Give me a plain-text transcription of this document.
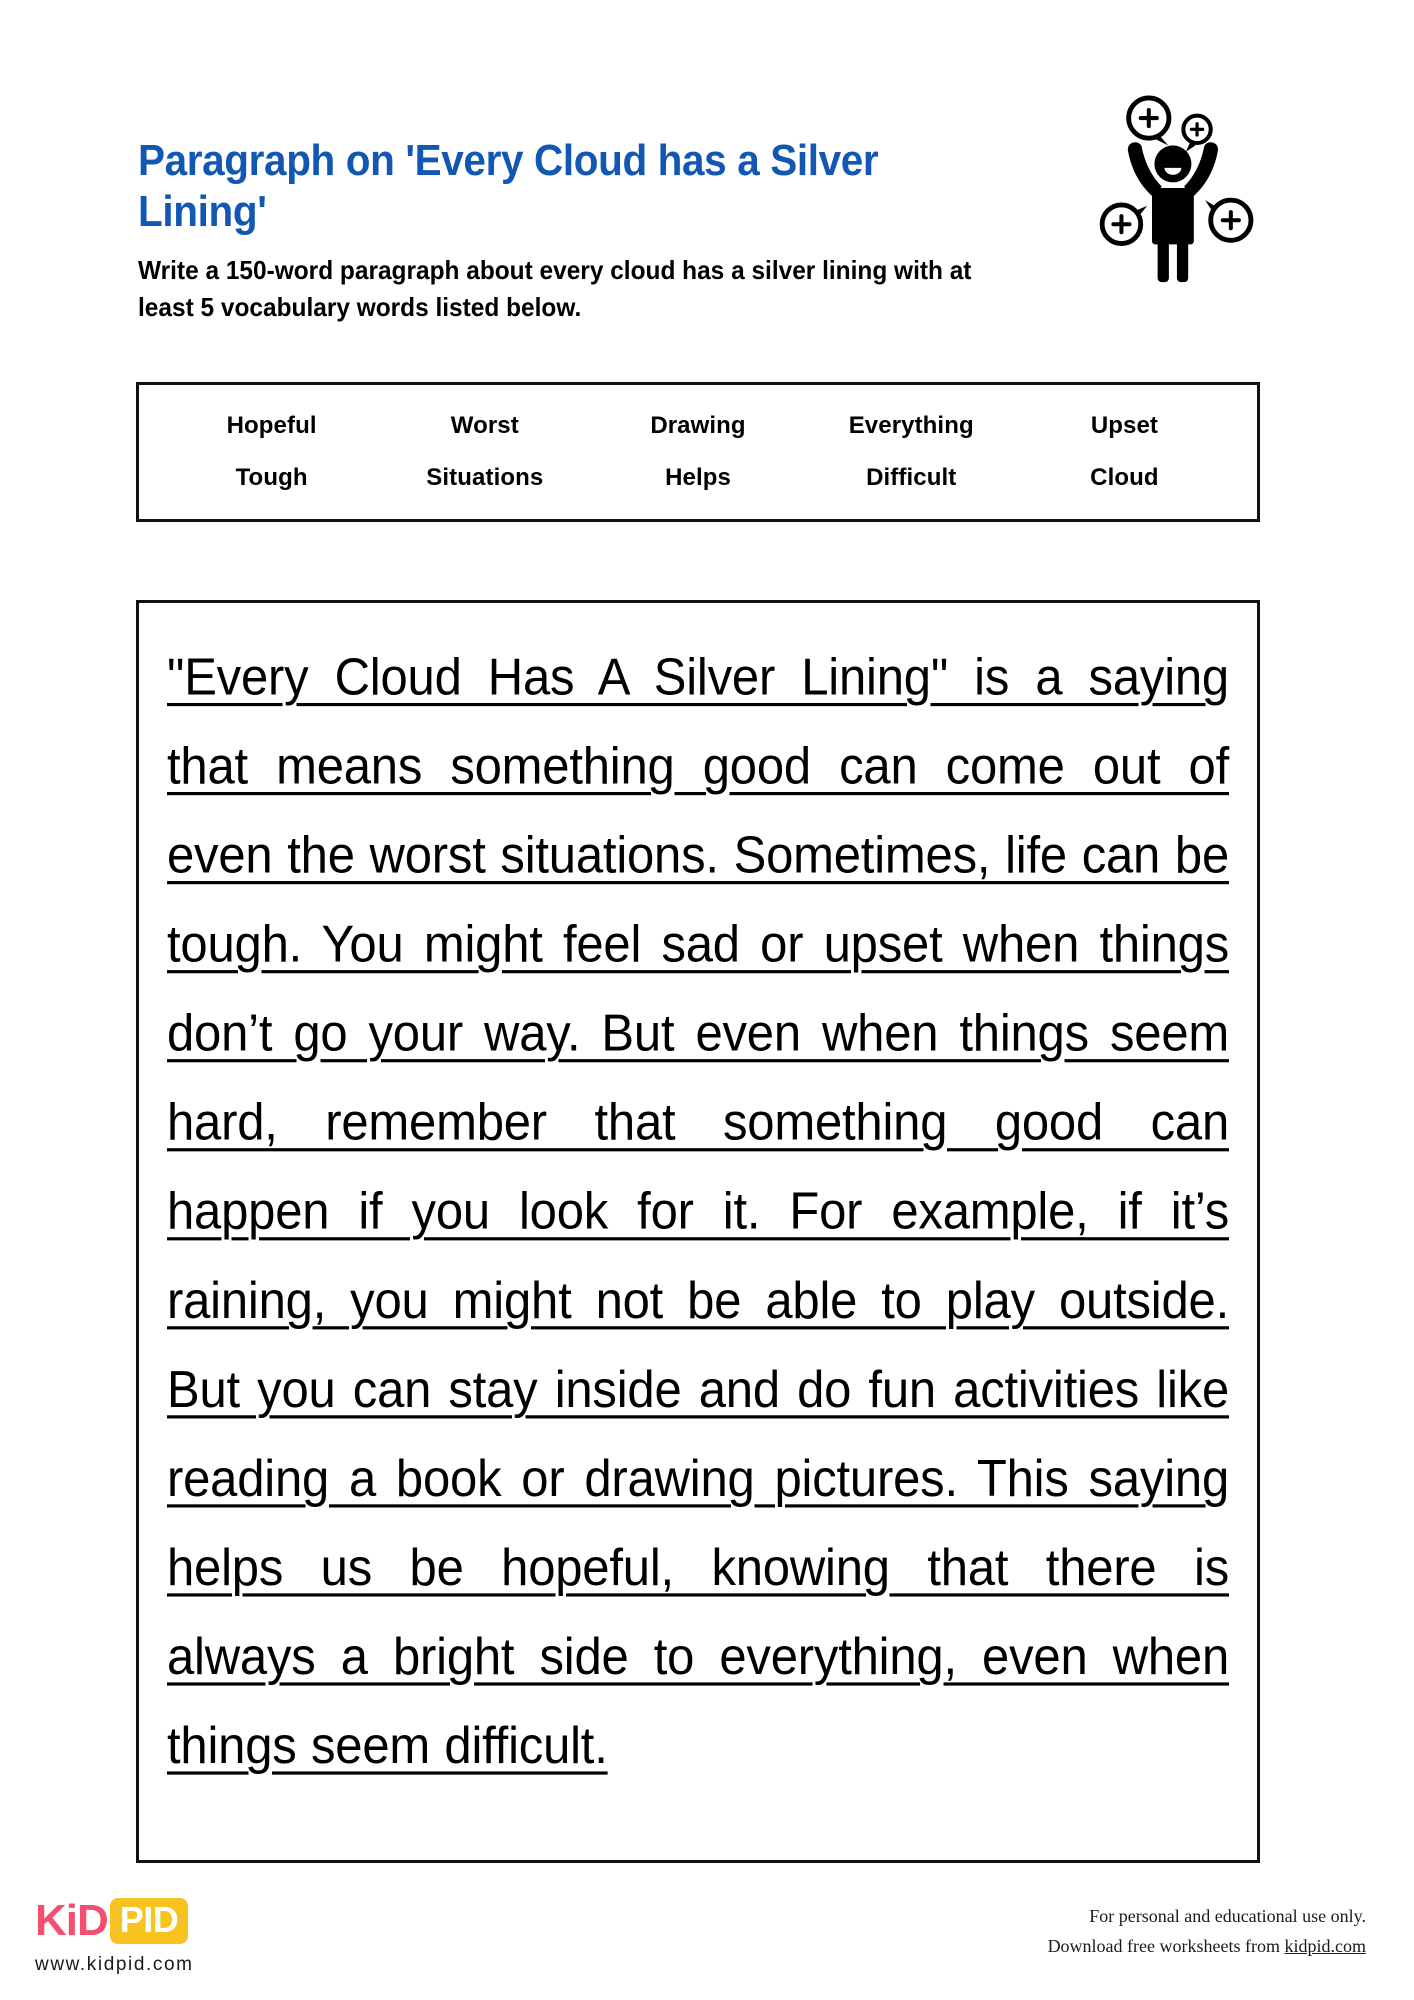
Paragraph on 'Every Cloud has a Silver Lining'

Write a 150-word paragraph about every cloud has a silver lining with at least 5 vocabulary words listed below.

Hopeful	Worst	Drawing	Everything	Upset
Tough	Situations	Helps	Difficult	Cloud
"Every Cloud Has A Silver Lining" is a saying that means something good can come out of even the worst situations. Sometimes, life can be tough. You might feel sad or upset when things don’t go your way. But even when things seem hard, remember that something good can happen if you look for it. For example, if it’s raining, you might not be able to play outside. But you can stay inside and do fun activities like reading a book or drawing pictures. This saying helps us be hopeful, knowing that there is always a bright side to everything, even when things seem difficult.
KiD PID
www.kidpid.com
For personal and educational use only.
Download free worksheets from kidpid.com
